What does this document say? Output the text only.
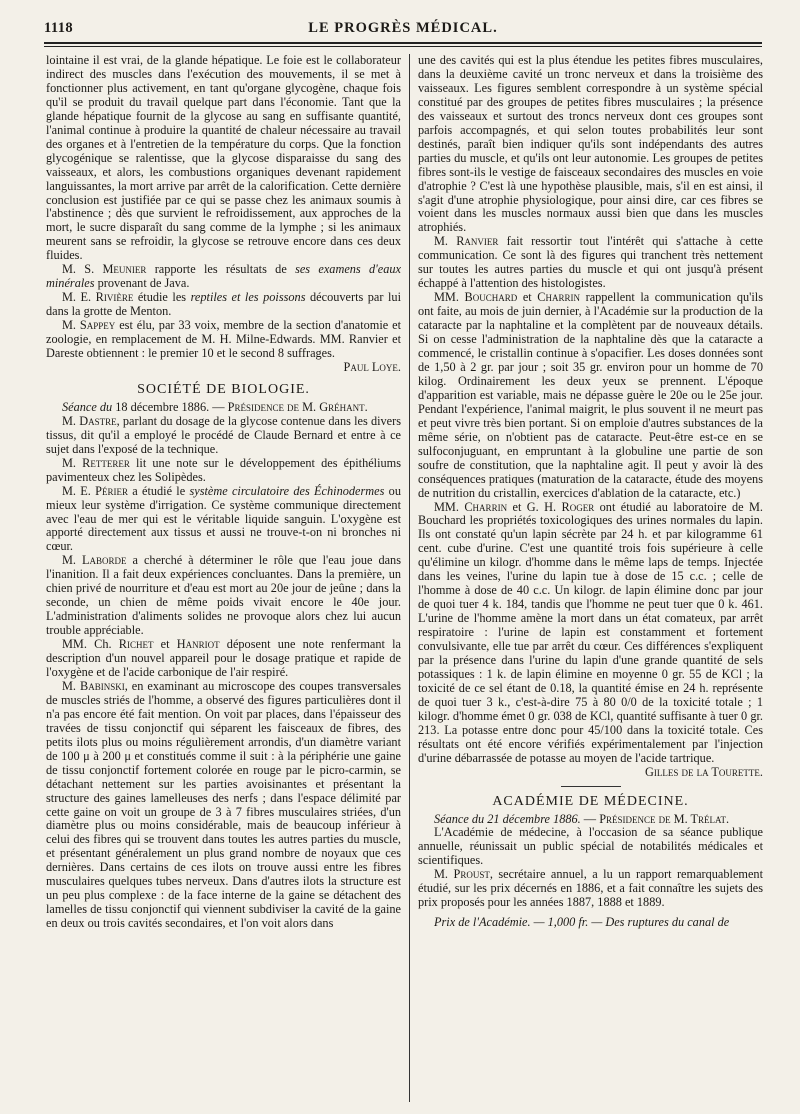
1118	LE PROGRÈS MÉDICAL.

lointaine il est vrai, de la glande hépatique. Le foie est le collaborateur indirect des muscles dans l'exécution des mouvements, il se met à fonctionner plus activement, en tant qu'organe glycogène, chaque fois qu'il se produit du travail quelque part dans l'économie. Tant que la glande hépatique fournit de la glycose au sang en suffisante quantité, l'animal continue à produire la quantité de chaleur nécessaire au travail des organes et à l'entretien de la température du corps. Que la fonction glycogénique se ralentisse, que la glycose disparaisse du sang des vaisseaux, et alors, les combustions organiques devenant rapidement languissantes, la mort arrive par arrêt de la calorification. Cette dernière conclusion est justifiée par ce qui se passe chez les animaux soumis à l'abstinence ; dès que survient le refroidissement, aux approches de la mort, le sucre disparaît du sang comme de la lymphe ; si les animaux meurent sans se refroidir, la glycose se retrouve encore dans ces deux fluides.

M. S. Meunier rapporte les résultats de ses examens d'eaux minérales provenant de Java.

M. E. Rivière étudie les reptiles et les poissons découverts par lui dans la grotte de Menton.

M. Sappey est élu, par 33 voix, membre de la section d'anatomie et zoologie, en remplacement de M. H. Milne-Edwards. MM. Ranvier et Dareste obtiennent : le premier 10 et le second 8 suffrages.

Paul Loye.
SOCIÉTÉ DE BIOLOGIE.

Séance du 18 décembre 1886. — Présidence de M. Gréhant.

M. Dastre, parlant du dosage de la glycose contenue dans les divers tissus, dit qu'il a employé le procédé de Claude Bernard et entre à ce sujet dans l'exposé de la technique.

M. Retterer lit une note sur le développement des épithéliums pavimenteux chez les Solipèdes.

M. E. Périer a étudié le système circulatoire des Échinodermes ou mieux leur système d'irrigation. Ce système communique directement avec l'eau de mer qui est le véritable liquide sanguin. L'oxygène est apporté directement aux tissus et aussi ne trouve-t-on ni bronches ni cœur.

M. Laborde a cherché à déterminer le rôle que l'eau joue dans l'inanition. Il a fait deux expériences concluantes. Dans la première, un chien privé de nourriture et d'eau est mort au 20e jour de jeûne ; dans la seconde, un chien de même poids vivait encore le 40e jour. L'administration d'aliments solides ne provoque alors chez lui aucun trouble appréciable.

MM. Ch. Richet et Hanriot déposent une note renfermant la description d'un nouvel appareil pour le dosage pratique et rapide de l'oxygène et de l'acide carbonique de l'air respiré.

M. Babinski, en examinant au microscope des coupes transversales de muscles striés de l'homme, a observé des figures particulières dont il n'a pas encore été fait mention. On voit par places, dans l'épaisseur des travées de tissu conjonctif qui séparent les faisceaux de fibres, des petits ilots plus ou moins régulièrement arrondis, d'un diamètre variant de 100 μ à 200 μ et constitués comme il suit : à la périphérie une gaine de tissu conjonctif fortement colorée en rouge par le picro-carmin, se détachant nettement sur les parties avoisinantes et présentant la structure des gaines lamelleuses des nerfs ; dans l'espace délimité par cette gaine on voit un groupe de 3 à 7 fibres musculaires striées, d'un diamètre plus ou moins considérable, mais de beaucoup inférieur à celui des fibres qui se trouvent dans toutes les autres parties du muscle, et présentant généralement un plus grand nombre de noyaux que ces dernières. Dans certains de ces ilots on trouve aussi entre les fibres musculaires quelques tubes nerveux. Dans d'autres ilots la structure est un peu plus complexe : de la face interne de la gaine se détachent des lamelles de tissu conjonctif qui viennent subdiviser la cavité de la gaine en deux ou trois cavités secondaires, et l'on voit alors dans

une des cavités qui est la plus étendue les petites fibres musculaires, dans la deuxième cavité un tronc nerveux et dans la troisième des vaisseaux. Les figures semblent correspondre à un système spécial constitué par des groupes de petites fibres musculaires ; la présence des vaisseaux et surtout des troncs nerveux dont ces groupes sont parfois accompagnés, et qui selon toutes probabilités leur sont destinés, paraît bien indiquer qu'ils sont indépendants des autres parties du muscle, et qu'ils ont leur autonomie. Les groupes de petites fibres sont-ils le vestige de faisceaux secondaires des muscles en voie d'atrophie ? C'est là une hypothèse plausible, mais, s'il en est ainsi, il s'agit d'une atrophie physiologique, pour ainsi dire, car ces fibres se voient dans les muscles normaux aussi bien que dans les muscles atrophiés.

M. Ranvier fait ressortir tout l'intérêt qui s'attache à cette communication. Ce sont là des figures qui tranchent très nettement sur toutes les autres parties du muscle et qui ont jusqu'à présent échappé à l'attention des histologistes.

MM. Bouchard et Charrin rappellent la communication qu'ils ont faite, au mois de juin dernier, à l'Académie sur la production de la cataracte par la naphtaline et la complètent par de nouveaux détails. Si on cesse l'administration de la naphtaline dès que la cataracte a commencé, le cristallin continue à s'opacifier. Les doses données sont de 1,50 à 2 gr. par jour ; soit 35 gr. environ pour un homme de 70 kilog. Ordinairement les deux yeux se prennent. L'époque d'apparition est variable, mais ne dépasse guère le 20e ou le 25e jour. Pendant l'expérience, l'animal maigrit, le plus souvent il ne meurt pas et peut vivre très bien portant. Si on emploie d'autres substances de la même série, on n'obtient pas de cataracte. Peut-être est-ce en se sulfoconjuguant, en empruntant à la globuline une partie de son soufre de constitution, que la naphtaline agit. Il peut y avoir là des conséquences pratiques (maturation de la cataracte, étude des moyens de nutrition du cristallin, exercices d'ablation de la cataracte, etc.)

MM. Charrin et G. H. Roger ont étudié au laboratoire de M. Bouchard les propriétés toxicologiques des urines normales du lapin. Ils ont constaté qu'un lapin sécrète par 24 h. et par kilogramme 61 cent. cube d'urine. C'est une quantité trois fois supérieure à celle qu'élimine un kilogr. d'homme dans le même laps de temps. Injectée dans les veines, l'urine du lapin tue à dose de 15 c.c. ; celle de l'homme à dose de 40 c.c. Un kilogr. de lapin élimine donc par jour de quoi tuer 4 k. 184, tandis que l'homme ne peut tuer que 0 k. 461. L'urine de l'homme amène la mort dans un état comateux, par arrêt respiratoire : l'urine de lapin est constamment et fortement convulsivante, elle tue par arrêt du cœur. Ces différences s'expliquent par la présence dans l'urine du lapin d'une grande quantité de sels potassiques : 1 k. de lapin élimine en moyenne 0 gr. 55 de KCl ; la toxicité de ce sel étant de 0.18, la quantité émise en 24 h. représente de quoi tuer 3 k., c'est-à-dire 75 à 80 0/0 de la toxicité totale ; 1 kilogr. d'homme émet 0 gr. 038 de KCl, quantité suffisante à tuer 0 gr. 213. La potasse entre donc pour 45/100 dans la toxicité totale. Ces résultats ont été encore vérifiés expérimentalement par l'injection d'urine débarrassée de potasse au moyen de l'acide tartrique.

Gilles de la Tourette.
ACADÉMIE DE MÉDECINE.

Séance du 21 décembre 1886. — Présidence de M. Trélat.

L'Académie de médecine, à l'occasion de sa séance publique annuelle, réunissait un public spécial de notabilités médicales et scientifiques.

M. Proust, secrétaire annuel, a lu un rapport remarquablement étudié, sur les prix décernés en 1886, et a fait connaître les sujets des prix proposés pour les années 1887, 1888 et 1889.

Prix de l'Académie. — 1,000 fr. — Des ruptures du canal de
